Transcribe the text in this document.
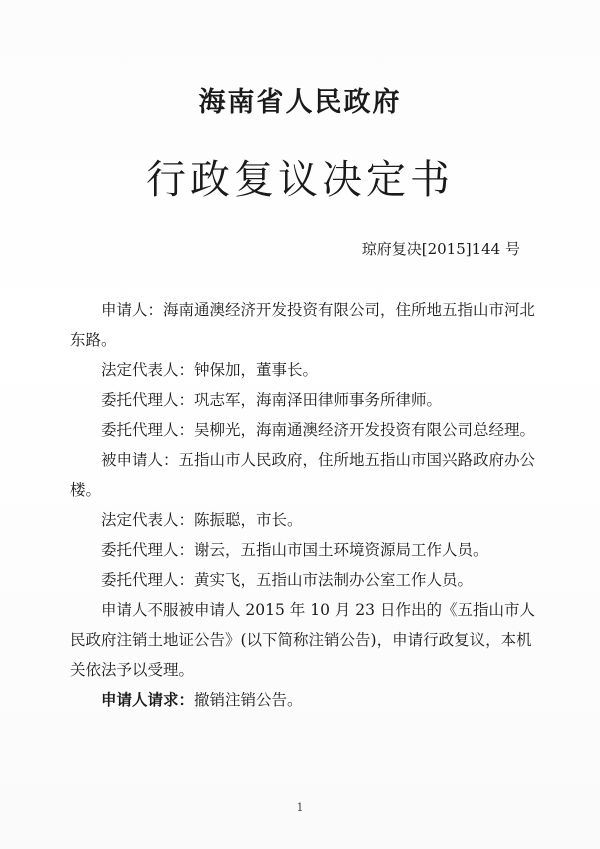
海南省人民政府
行政复议决定书
琼府复决[2015]144 号

申请人：海南通澳经济开发投资有限公司，住所地五指山市河北东路。

法定代表人：钟保加，董事长。

委托代理人：巩志军，海南泽田律师事务所律师。

委托代理人：吴柳光，海南通澳经济开发投资有限公司总经理。

被申请人：五指山市人民政府，住所地五指山市国兴路政府办公楼。

法定代表人：陈振聪，市长。

委托代理人：谢云，五指山市国土环境资源局工作人员。

委托代理人：黄实飞，五指山市法制办公室工作人员。

申请人不服被申请人 2015 年 10 月 23 日作出的《五指山市人民政府注销土地证公告》(以下简称注销公告)，申请行政复议，本机关依法予以受理。

申请人请求：撤销注销公告。

1
